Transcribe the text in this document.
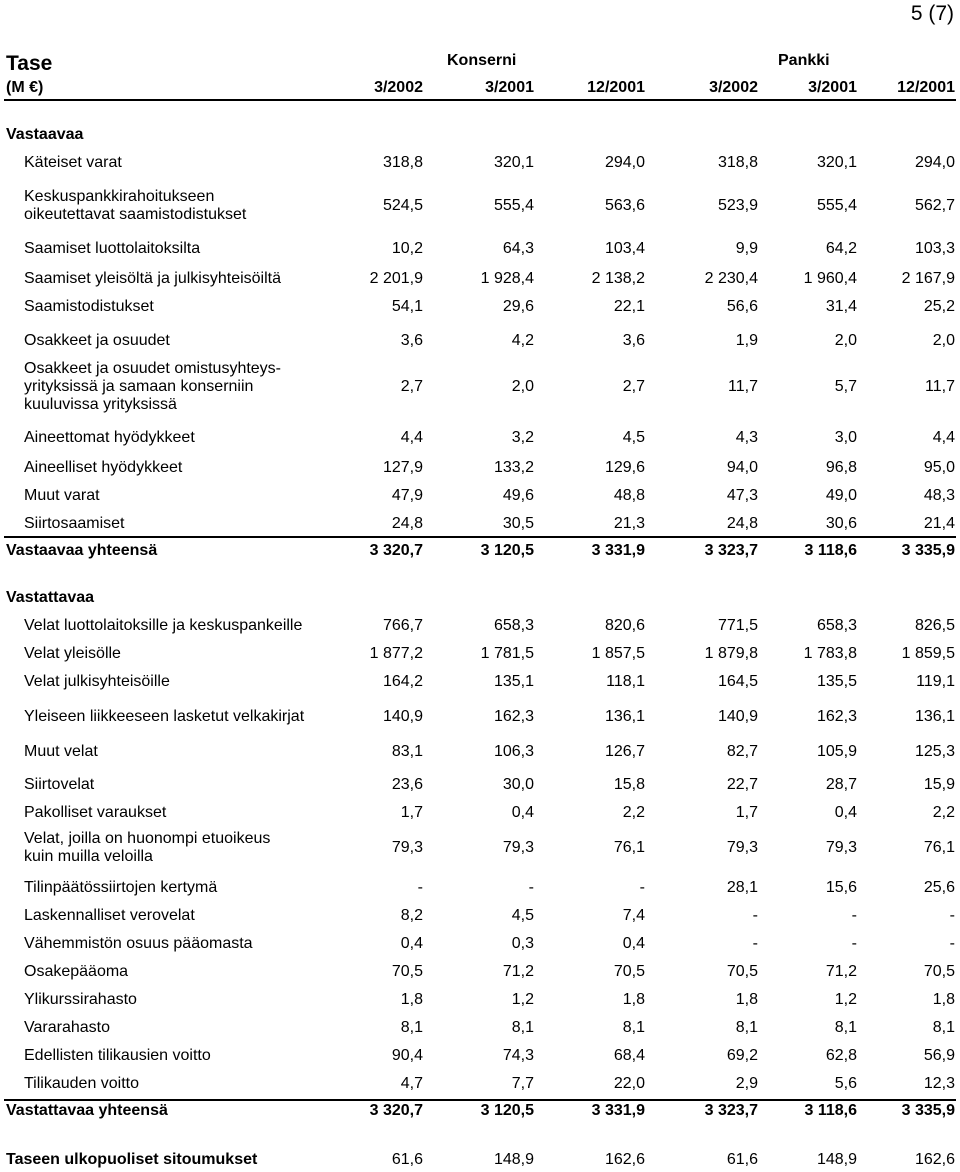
5 (7)
Tase
(M €)
Konserni	Pankki
3/2002	3/2001	12/2001	3/2002	3/2001	12/2001
Vastaavaa
Vastattavaa
Käteiset varat	318,8	320,1	294,0	318,8	320,1	294,0
Keskuspankkirahoitukseen
oikeutettavat saamistodistukset
524,5	555,4	563,6	523,9	555,4	562,7
Saamiset luottolaitoksilta	10,2	64,3	103,4	9,9	64,2	103,3
Saamiset yleisöltä ja julkisyhteisöiltä	2 201,9	1 928,4	2 138,2	2 230,4	1 960,4	2 167,9
Saamistodistukset	54,1	29,6	22,1	56,6	31,4	25,2
Osakkeet ja osuudet	3,6	4,2	3,6	1,9	2,0	2,0
Osakkeet ja osuudet omistusyhteys-
yrityksissä ja samaan konserniin
kuuluvissa yrityksissä
2,7	2,0	2,7	11,7	5,7	11,7
Aineettomat hyödykkeet	4,4	3,2	4,5	4,3	3,0	4,4
Aineelliset hyödykkeet	127,9	133,2	129,6	94,0	96,8	95,0
Muut varat	47,9	49,6	48,8	47,3	49,0	48,3
Siirtosaamiset	24,8	30,5	21,3	24,8	30,6	21,4
Vastaavaa yhteensä	3 320,7	3 120,5	3 331,9	3 323,7	3 118,6	3 335,9
Velat luottolaitoksille ja keskuspankeille	766,7	658,3	820,6	771,5	658,3	826,5
Velat yleisölle	1 877,2	1 781,5	1 857,5	1 879,8	1 783,8	1 859,5
Velat julkisyhteisöille	164,2	135,1	118,1	164,5	135,5	119,1
Yleiseen liikkeeseen lasketut velkakirjat	140,9	162,3	136,1	140,9	162,3	136,1
Muut velat	83,1	106,3	126,7	82,7	105,9	125,3
Siirtovelat	23,6	30,0	15,8	22,7	28,7	15,9
Pakolliset varaukset	1,7	0,4	2,2	1,7	0,4	2,2
Velat, joilla on huonompi etuoikeus
kuin muilla veloilla
79,3	79,3	76,1	79,3	79,3	76,1
Tilinpäätössiirtojen kertymä	-	-	-	28,1	15,6	25,6
Laskennalliset verovelat	8,2	4,5	7,4	-	-	-
Vähemmistön osuus pääomasta	0,4	0,3	0,4	-	-	-
Osakepääoma	70,5	71,2	70,5	70,5	71,2	70,5
Ylikurssirahasto	1,8	1,2	1,8	1,8	1,2	1,8
Vararahasto	8,1	8,1	8,1	8,1	8,1	8,1
Edellisten tilikausien voitto	90,4	74,3	68,4	69,2	62,8	56,9
Tilikauden voitto	4,7	7,7	22,0	2,9	5,6	12,3
Vastattavaa yhteensä	3 320,7	3 120,5	3 331,9	3 323,7	3 118,6	3 335,9
Taseen ulkopuoliset sitoumukset	61,6	148,9	162,6	61,6	148,9	162,6
